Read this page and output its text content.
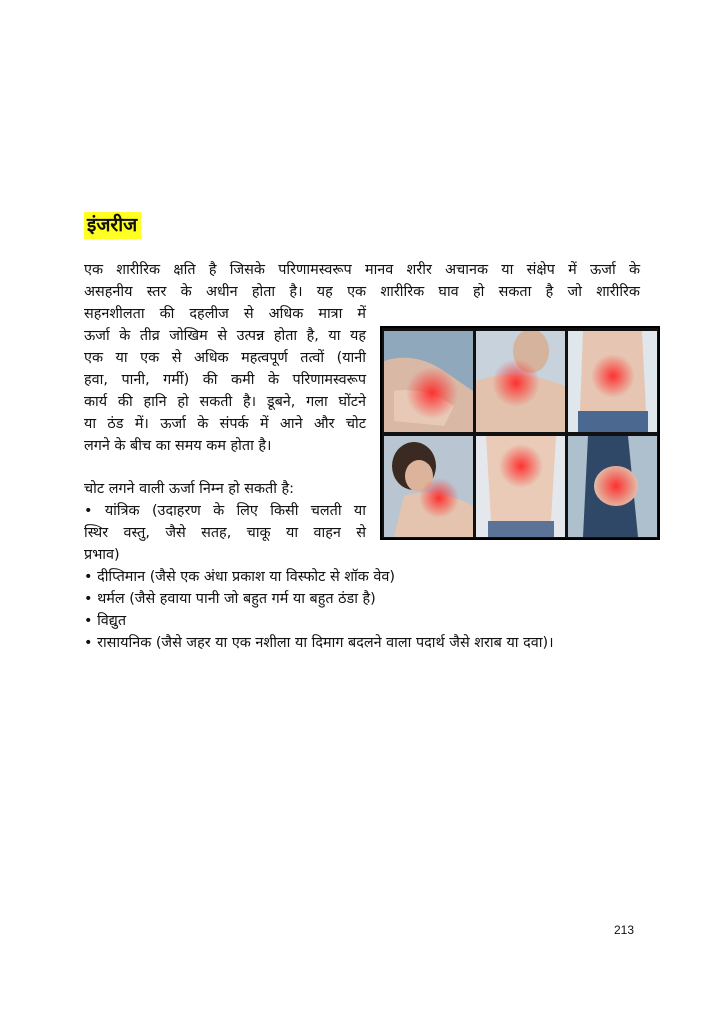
इंजरीज
एक शारीरिक क्षति है जिसके परिणामस्वरूप मानव शरीर अचानक या संक्षेप में ऊर्जा के
असहनीय स्तर के अधीन होता है। यह एक शारीरिक घाव हो सकता है जो शारीरिक
सहनशीलता की दहलीज से अधिक मात्रा में
ऊर्जा के तीव्र जोखिम से उत्पन्न होता है, या यह
एक या एक से अधिक महत्वपूर्ण तत्वों (यानी
हवा, पानी, गर्मी) की कमी के परिणामस्वरूप
कार्य की हानि हो सकती है। डूबने, गला घोंटने
या ठंड में। ऊर्जा के संपर्क में आने और चोट
लगने के बीच का समय कम होता है।
चोट लगने वाली ऊर्जा निम्न हो सकती है:
• यांत्रिक (उदाहरण के लिए किसी चलती या
स्थिर वस्तु, जैसे सतह, चाकू या वाहन से
प्रभाव)
• दीप्तिमान (जैसे एक अंधा प्रकाश या विस्फोट से शॉक वेव)
• थर्मल (जैसे हवाया पानी जो बहुत गर्म या बहुत ठंडा है)
• विद्युत
• रासायनिक (जैसे जहर या एक नशीला या दिमाग बदलने वाला पदार्थ जैसे शराब या दवा)।
213
